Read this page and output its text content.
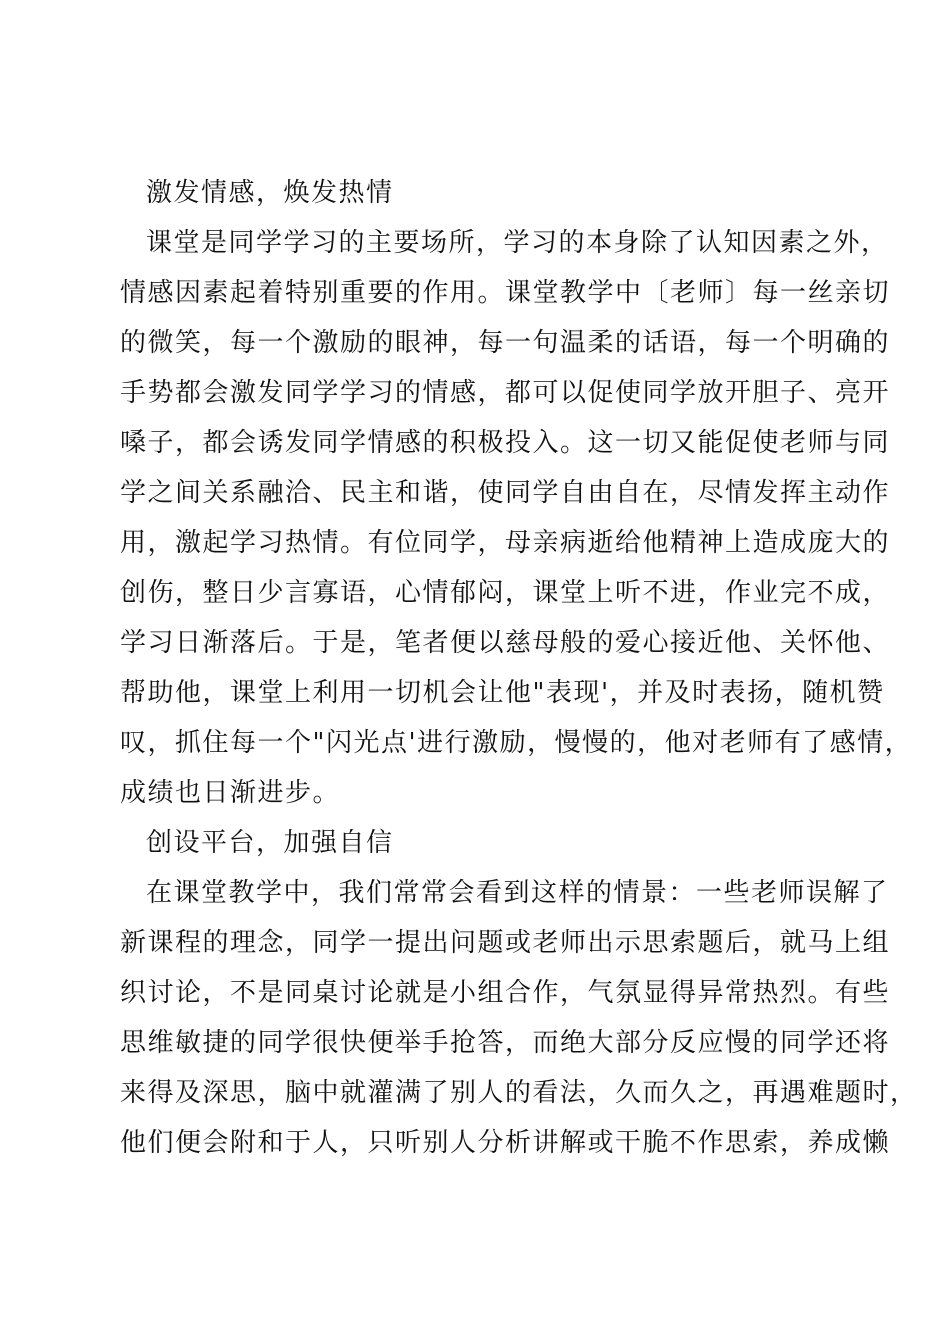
激发情感，焕发热情
课堂是同学学习的主要场所，学习的本身除了认知因素之外，
情感因素起着特别重要的作用。课堂教学中〔老师〕每一丝亲切
的微笑，每一个激励的眼神，每一句温柔的话语，每一个明确的
手势都会激发同学学习的情感，都可以促使同学放开胆子、亮开
嗓子，都会诱发同学情感的积极投入。这一切又能促使老师与同
学之间关系融洽、民主和谐，使同学自由自在，尽情发挥主动作
用，激起学习热情。有位同学，母亲病逝给他精神上造成庞大的
创伤，整日少言寡语，心情郁闷，课堂上听不进，作业完不成，
学习日渐落后。于是，笔者便以慈母般的爱心接近他、关怀他、
帮助他，课堂上利用一切机会让他"表现'，并及时表扬，随机赞
叹，抓住每一个"闪光点'进行激励，慢慢的，他对老师有了感情，
成绩也日渐进步。
创设平台，加强自信
在课堂教学中，我们常常会看到这样的情景：一些老师误解了
新课程的理念，同学一提出问题或老师出示思索题后，就马上组
织讨论，不是同桌讨论就是小组合作，气氛显得异常热烈。有些
思维敏捷的同学很快便举手抢答，而绝大部分反应慢的同学还将
来得及深思，脑中就灌满了别人的看法，久而久之，再遇难题时，
他们便会附和于人，只听别人分析讲解或干脆不作思索，养成懒
